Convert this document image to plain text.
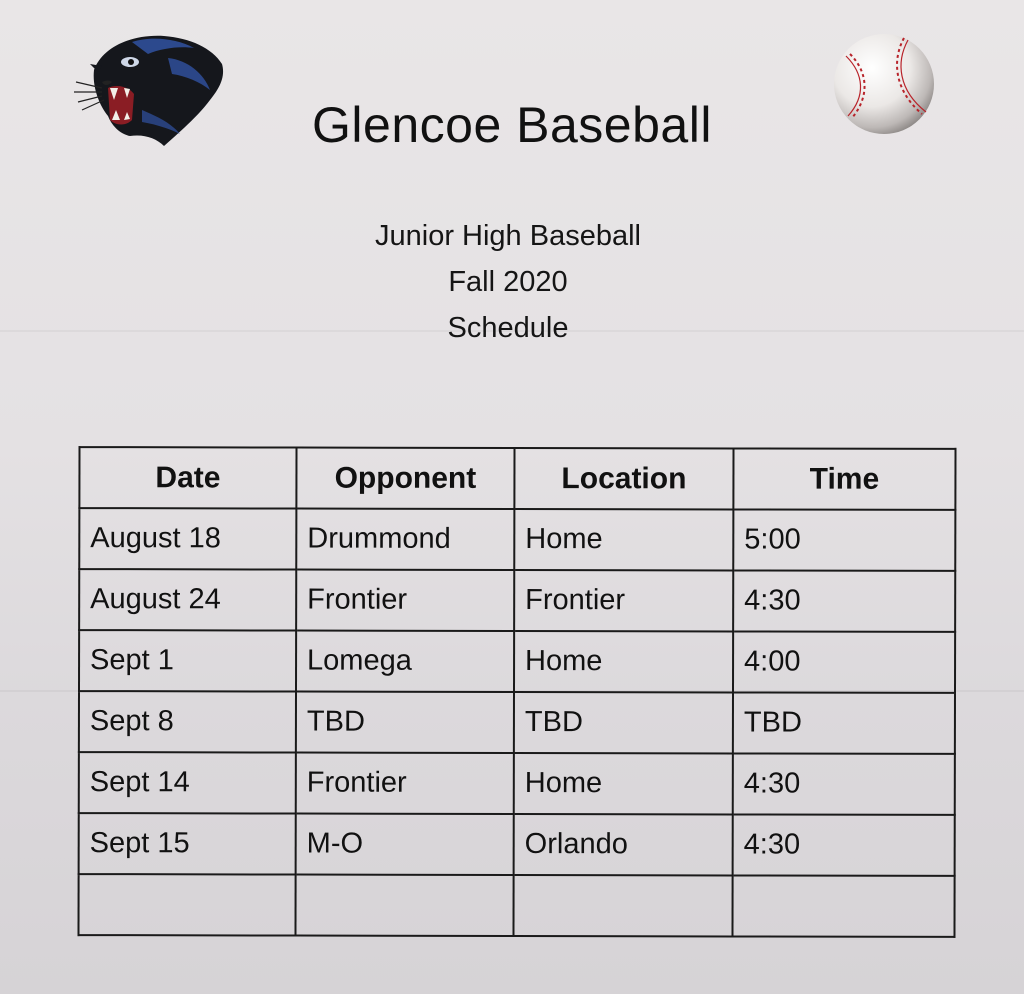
Glencoe Baseball
Junior High Baseball
Fall 2020
Schedule
Date	Opponent	Location	Time
August 18	Drummond	Home	5:00
August 24	Frontier	Frontier	4:30
Sept 1	Lomega	Home	4:00
Sept 8	TBD	TBD	TBD
Sept 14	Frontier	Home	4:30
Sept 15	M-O	Orlando	4:30
